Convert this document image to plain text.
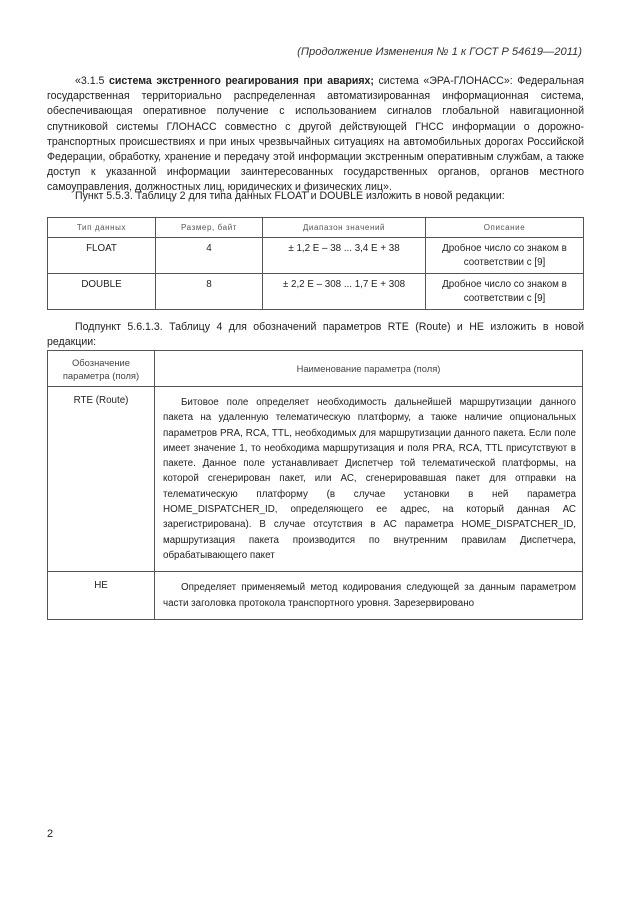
(Продолжение Изменения № 1 к ГОСТ Р 54619—2011)
«3.1.5 система экстренного реагирования при авариях; система «ЭРА-ГЛОНАСС»: Федеральная государственная территориально распределенная автоматизированная информационная система, обеспечивающая оперативное получение с использованием сигналов глобальной навигационной спутниковой системы ГЛОНАСС совместно с другой действующей ГНСС информации о дорожно-транспортных происшествиях и при иных чрезвычайных ситуациях на автомобильных дорогах Российской Федерации, обработку, хранение и передачу этой информации экстренным оперативным службам, а также доступ к указанной информации заинтересованных государственных органов, органов местного самоуправления, должностных лиц, юридических и физических лиц».
Пункт 5.5.3. Таблицу 2 для типа данных FLOAT и DOUBLE изложить в новой редакции:
Тип данных	Размер, байт	Диапазон значений	Описание
FLOAT	4	± 1,2 Е – 38 ... 3,4 Е + 38	Дробное число со знаком в соответствии с [9]
DOUBLE	8	± 2,2 Е – 308 ... 1,7 Е + 308	Дробное число со знаком в соответствии с [9]
Подпункт 5.6.1.3. Таблицу 4 для обозначений параметров RTE (Route) и НЕ изложить в новой редакции:
Обозначение параметра (поля)	Наименование параметра (поля)
RTE (Route)	Битовое поле определяет необходимость дальнейшей маршрутизации данного пакета на удаленную телематическую платформу, а также наличие опциональных параметров PRA, RCA, TTL, необходимых для маршрутизации данного пакета. Если поле имеет значение 1, то необходима маршрутизация и поля PRA, RCA, TTL присутствуют в пакете. Данное поле устанавливает Диспетчер той телематической платформы, на которой сгенерирован пакет, или АС, сгенерировавшая пакет для отправки на телематическую платформу (в случае установки в ней параметра HOME_DISPATCHER_ID, определяющего ее адрес, на который данная АС зарегистрирована). В случае отсутствия в АС параметра HOME_DISPATCHER_ID, маршрутизация пакета производится по внутренним правилам Диспетчера, обрабатывающего пакет
НЕ	Определяет применяемый метод кодирования следующей за данным параметром части заголовка протокола транспортного уровня. Зарезервировано
2
